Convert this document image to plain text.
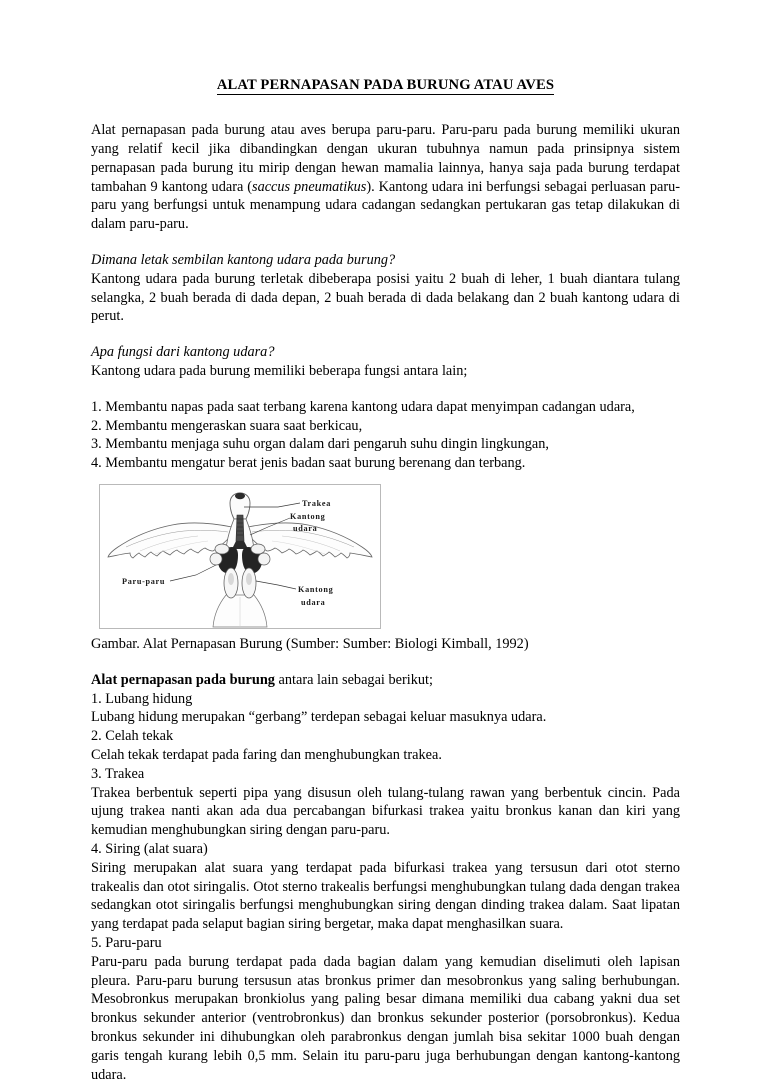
ALAT PERNAPASAN PADA BURUNG ATAU AVES

Alat pernapasan pada burung atau aves berupa paru-paru. Paru-paru pada burung memiliki ukuran yang relatif kecil jika dibandingkan dengan ukuran tubuhnya namun pada prinsipnya sistem pernapasan pada burung itu mirip dengan hewan mamalia lainnya, hanya saja pada burung terdapat tambahan 9 kantong udara (saccus pneumatikus). Kantong udara ini berfungsi sebagai perluasan paru-paru yang berfungsi untuk menampung udara cadangan sedangkan pertukaran gas tetap dilakukan di dalam paru-paru.

Dimana letak sembilan kantong udara pada burung?

Kantong udara pada burung terletak dibeberapa posisi yaitu 2 buah di leher, 1 buah diantara tulang selangka, 2 buah berada di dada depan, 2 buah berada di dada belakang dan 2 buah kantong udara di perut.

Apa fungsi dari kantong udara?

Kantong udara pada burung memiliki beberapa fungsi antara lain;

1. Membantu napas pada saat terbang karena kantong udara dapat menyimpan cadangan udara,

2. Membantu mengeraskan suara saat berkicau,

3. Membantu menjaga suhu organ dalam dari pengaruh suhu dingin lingkungan,

4. Membantu mengatur berat jenis badan saat burung berenang dan terbang.

Trakea
Kantong
udara
Paru-paru
Kantong
udara

Gambar. Alat Pernapasan Burung (Sumber: Sumber: Biologi Kimball, 1992)

Alat pernapasan pada burung antara lain sebagai berikut;

1. Lubang hidung

Lubang hidung merupakan “gerbang” terdepan sebagai keluar masuknya udara.

2. Celah tekak

Celah tekak terdapat pada faring dan menghubungkan trakea.

3. Trakea

Trakea berbentuk seperti pipa yang disusun oleh tulang-tulang rawan yang berbentuk cincin. Pada ujung trakea nanti akan ada dua percabangan bifurkasi trakea yaitu bronkus kanan dan kiri yang kemudian menghubungkan siring dengan paru-paru.

4. Siring (alat suara)

Siring merupakan alat suara yang terdapat pada bifurkasi trakea yang tersusun dari otot sterno trakealis dan otot siringalis. Otot sterno trakealis berfungsi menghubungkan tulang dada dengan trakea sedangkan otot siringalis berfungsi menghubungkan siring dengan dinding trakea dalam. Saat lipatan yang terdapat pada selaput bagian siring bergetar, maka dapat menghasilkan suara.

5. Paru-paru

Paru-paru pada burung terdapat pada dada bagian dalam yang kemudian diselimuti oleh lapisan pleura. Paru-paru burung tersusun atas bronkus primer dan mesobronkus yang saling berhubungan. Mesobronkus merupakan bronkiolus yang paling besar dimana memiliki dua cabang yakni dua set bronkus sekunder anterior (ventrobronkus) dan bronkus sekunder posterior (porsobronkus). Kedua bronkus sekunder ini dihubungkan oleh parabronkus dengan jumlah bisa sekitar 1000 buah dengan garis tengah kurang lebih 0,5 mm. Selain itu paru-paru juga berhubungan dengan kantong-kantong udara.
